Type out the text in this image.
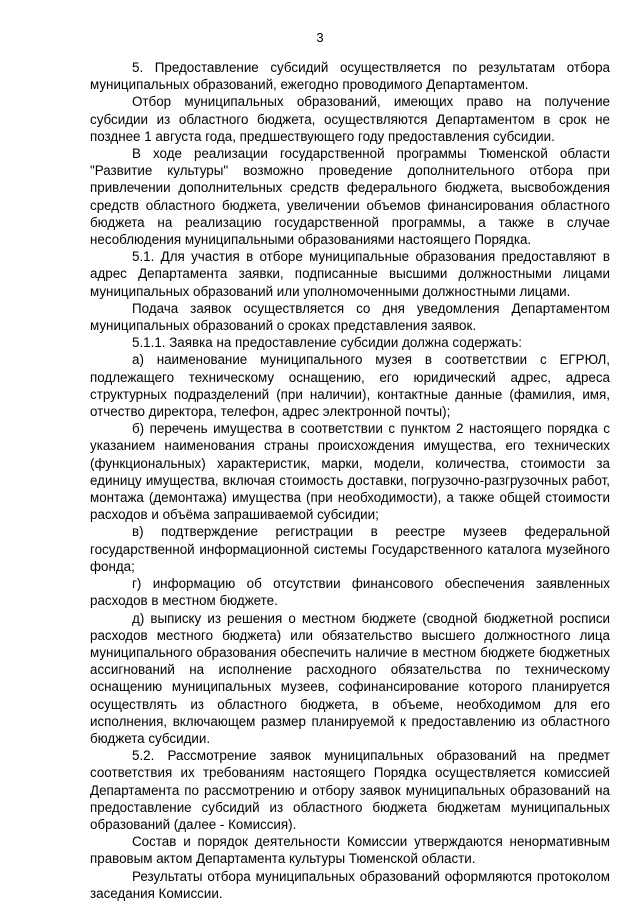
3

5. Предоставление субсидий осуществляется по результатам отбора муниципальных образований, ежегодно проводимого Департаментом.

Отбор муниципальных образований, имеющих право на получение субсидии из областного бюджета, осуществляются Департаментом в срок не позднее 1 августа года, предшествующего году предоставления субсидии.

В ходе реализации государственной программы Тюменской области "Развитие культуры" возможно проведение дополнительного отбора при привлечении дополнительных средств федерального бюджета, высвобождения средств областного бюджета, увеличении объемов финансирования областного бюджета на реализацию государственной программы, а также в случае несоблюдения муниципальными образованиями настоящего Порядка.

5.1. Для участия в отборе муниципальные образования предоставляют в адрес Департамента заявки, подписанные высшими должностными лицами муниципальных образований или уполномоченными должностными лицами.

Подача заявок осуществляется со дня уведомления Департаментом муниципальных образований о сроках представления заявок.

5.1.1. Заявка на предоставление субсидии должна содержать:

а) наименование муниципального музея в соответствии с ЕГРЮЛ, подлежащего техническому оснащению, его юридический адрес, адреса структурных подразделений (при наличии), контактные данные (фамилия, имя, отчество директора, телефон, адрес электронной почты);

б) перечень имущества в соответствии с пунктом 2 настоящего порядка с указанием наименования страны происхождения имущества, его технических (функциональных) характеристик, марки, модели, количества, стоимости за единицу имущества, включая стоимость доставки, погрузочно-разгрузочных работ, монтажа (демонтажа) имущества (при необходимости), а также общей стоимости расходов и объёма запрашиваемой субсидии;

в) подтверждение регистрации в реестре музеев федеральной государственной информационной системы Государственного каталога музейного фонда;

г) информацию об отсутствии финансового обеспечения заявленных расходов в местном бюджете.

д) выписку из решения о местном бюджете (сводной бюджетной росписи расходов местного бюджета) или обязательство высшего должностного лица муниципального образования обеспечить наличие в местном бюджете бюджетных ассигнований на исполнение расходного обязательства по техническому оснащению муниципальных музеев, софинансирование которого планируется осуществлять из областного бюджета, в объеме, необходимом для его исполнения, включающем размер планируемой к предоставлению из областного бюджета субсидии.

5.2. Рассмотрение заявок муниципальных образований на предмет соответствия их требованиям настоящего Порядка осуществляется комиссией Департамента по рассмотрению и отбору заявок муниципальных образований на предоставление субсидий из областного бюджета бюджетам муниципальных образований (далее - Комиссия).

Состав и порядок деятельности Комиссии утверждаются ненормативным правовым актом Департамента культуры Тюменской области.

Результаты отбора муниципальных образований оформляются протоколом заседания Комиссии.
